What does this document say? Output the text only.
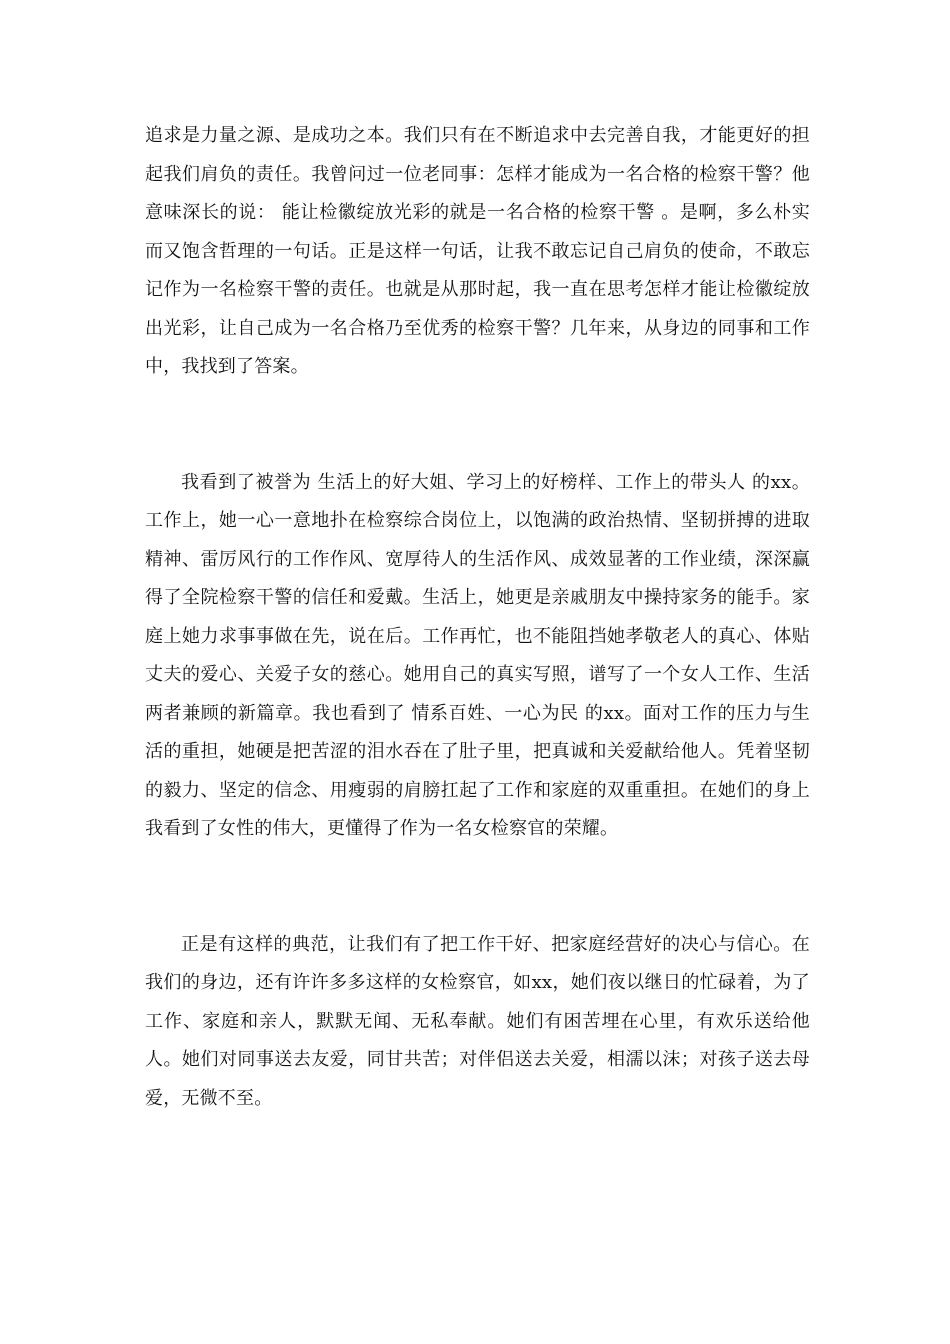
追求是力量之源、是成功之本。我们只有在不断追求中去完善自我，才能更好的担起我们肩负的责任。我曾问过一位老同事：怎样才能成为一名合格的检察干警？他意味深长的说： 能让检徽绽放光彩的就是一名合格的检察干警 。是啊，多么朴实而又饱含哲理的一句话。正是这样一句话，让我不敢忘记自己肩负的使命，不敢忘记作为一名检察干警的责任。也就是从那时起，我一直在思考怎样才能让检徽绽放出光彩，让自己成为一名合格乃至优秀的检察干警？几年来，从身边的同事和工作中，我找到了答案。

我看到了被誉为 生活上的好大姐、学习上的好榜样、工作上的带头人 的xx。工作上，她一心一意地扑在检察综合岗位上，以饱满的政治热情、坚韧拼搏的进取精神、雷厉风行的工作作风、宽厚待人的生活作风、成效显著的工作业绩，深深赢得了全院检察干警的信任和爱戴。生活上，她更是亲戚朋友中操持家务的能手。家庭上她力求事事做在先，说在后。工作再忙，也不能阻挡她孝敬老人的真心、体贴丈夫的爱心、关爱子女的慈心。她用自己的真实写照，谱写了一个女人工作、生活两者兼顾的新篇章。我也看到了 情系百姓、一心为民 的xx。面对工作的压力与生活的重担，她硬是把苦涩的泪水吞在了肚子里，把真诚和关爱献给他人。凭着坚韧的毅力、坚定的信念、用瘦弱的肩膀扛起了工作和家庭的双重重担。在她们的身上我看到了女性的伟大，更懂得了作为一名女检察官的荣耀。

正是有这样的典范，让我们有了把工作干好、把家庭经营好的决心与信心。在我们的身边，还有许许多多这样的女检察官，如xx，她们夜以继日的忙碌着，为了工作、家庭和亲人，默默无闻、无私奉献。她们有困苦埋在心里，有欢乐送给他人。她们对同事送去友爱，同甘共苦；对伴侣送去关爱，相濡以沫；对孩子送去母爱，无微不至。
